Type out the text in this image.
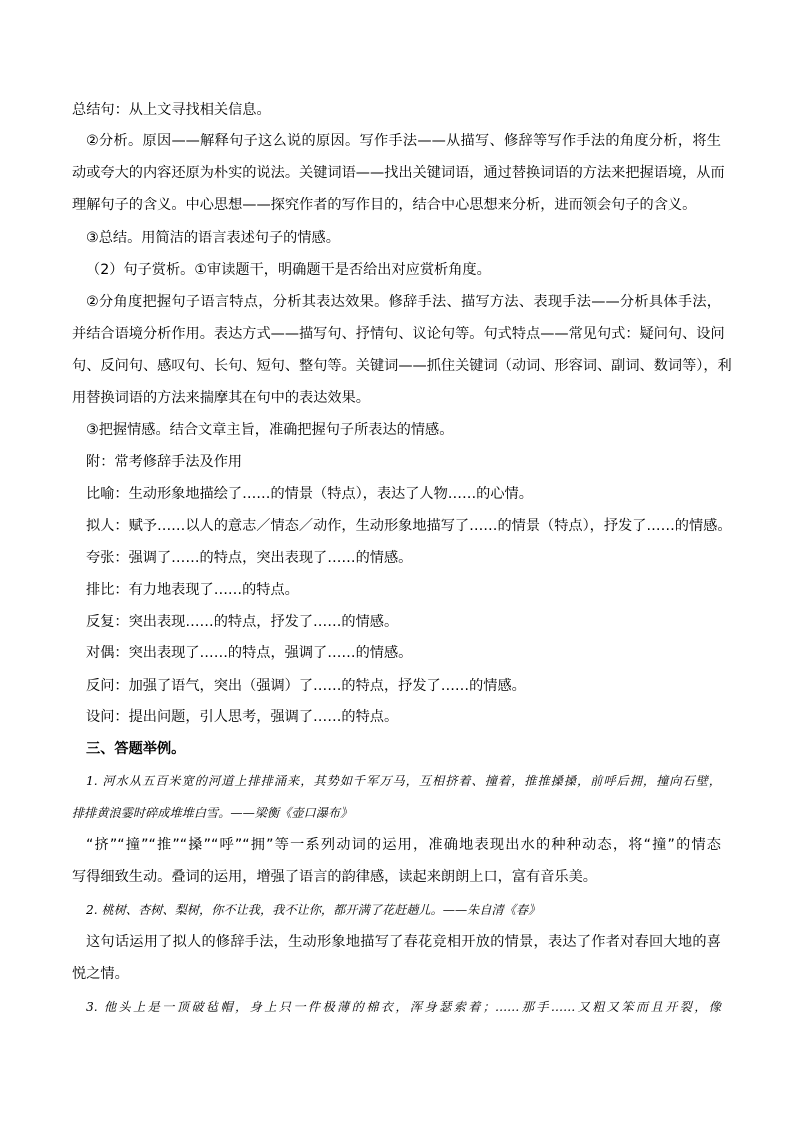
总结句：从上文寻找相关信息。
②分析。原因——解释句子这么说的原因。写作手法——从描写、修辞等写作手法的角度分析，将生
动或夸大的内容还原为朴实的说法。关键词语——找出关键词语，通过替换词语的方法来把握语境，从而
理解句子的含义。中心思想——探究作者的写作目的，结合中心思想来分析，进而领会句子的含义。
③总结。用简洁的语言表述句子的情感。
（2）句子赏析。①审读题干，明确题干是否给出对应赏析角度。
②分角度把握句子语言特点，分析其表达效果。修辞手法、描写方法、表现手法——分析具体手法，
并结合语境分析作用。表达方式——描写句、抒情句、议论句等。句式特点——常见句式：疑问句、设问
句、反问句、感叹句、长句、短句、整句等。关键词——抓住关键词（动词、形容词、副词、数词等），利
用替换词语的方法来揣摩其在句中的表达效果。
③把握情感。结合文章主旨，准确把握句子所表达的情感。
附：常考修辞手法及作用
比喻：生动形象地描绘了……的情景（特点），表达了人物……的心情。
拟人：赋予……以人的意志／情态／动作，生动形象地描写了……的情景（特点），抒发了……的情感。
夸张：强调了……的特点，突出表现了……的情感。
排比：有力地表现了……的特点。
反复：突出表现……的特点，抒发了……的情感。
对偶：突出表现了……的特点，强调了……的情感。
反问：加强了语气，突出（强调）了……的特点，抒发了……的情感。
设问：提出问题，引人思考，强调了……的特点。
三、答题举例。
1. 河水从五百米宽的河道上排排涌来，其势如千军万马，互相挤着、撞着，推推搡搡，前呼后拥，撞向石壁，
排排黄浪霎时碎成堆堆白雪。——梁衡《壶口瀑布》
“挤”“撞”“推”“搡”“呼”“拥”等一系列动词的运用，准确地表现出水的种种动态，将“撞”的情态
写得细致生动。叠词的运用，增强了语言的韵律感，读起来朗朗上口，富有音乐美。
2. 桃树、杏树、梨树，你不让我，我不让你，都开满了花赶趟儿。——朱自清《春》
这句话运用了拟人的修辞手法，生动形象地描写了春花竞相开放的情景，表达了作者对春回大地的喜
悦之情。
3. 他头上是一顶破毡帽，身上只一件极薄的棉衣，浑身瑟索着；……那手……又粗又笨而且开裂，像
